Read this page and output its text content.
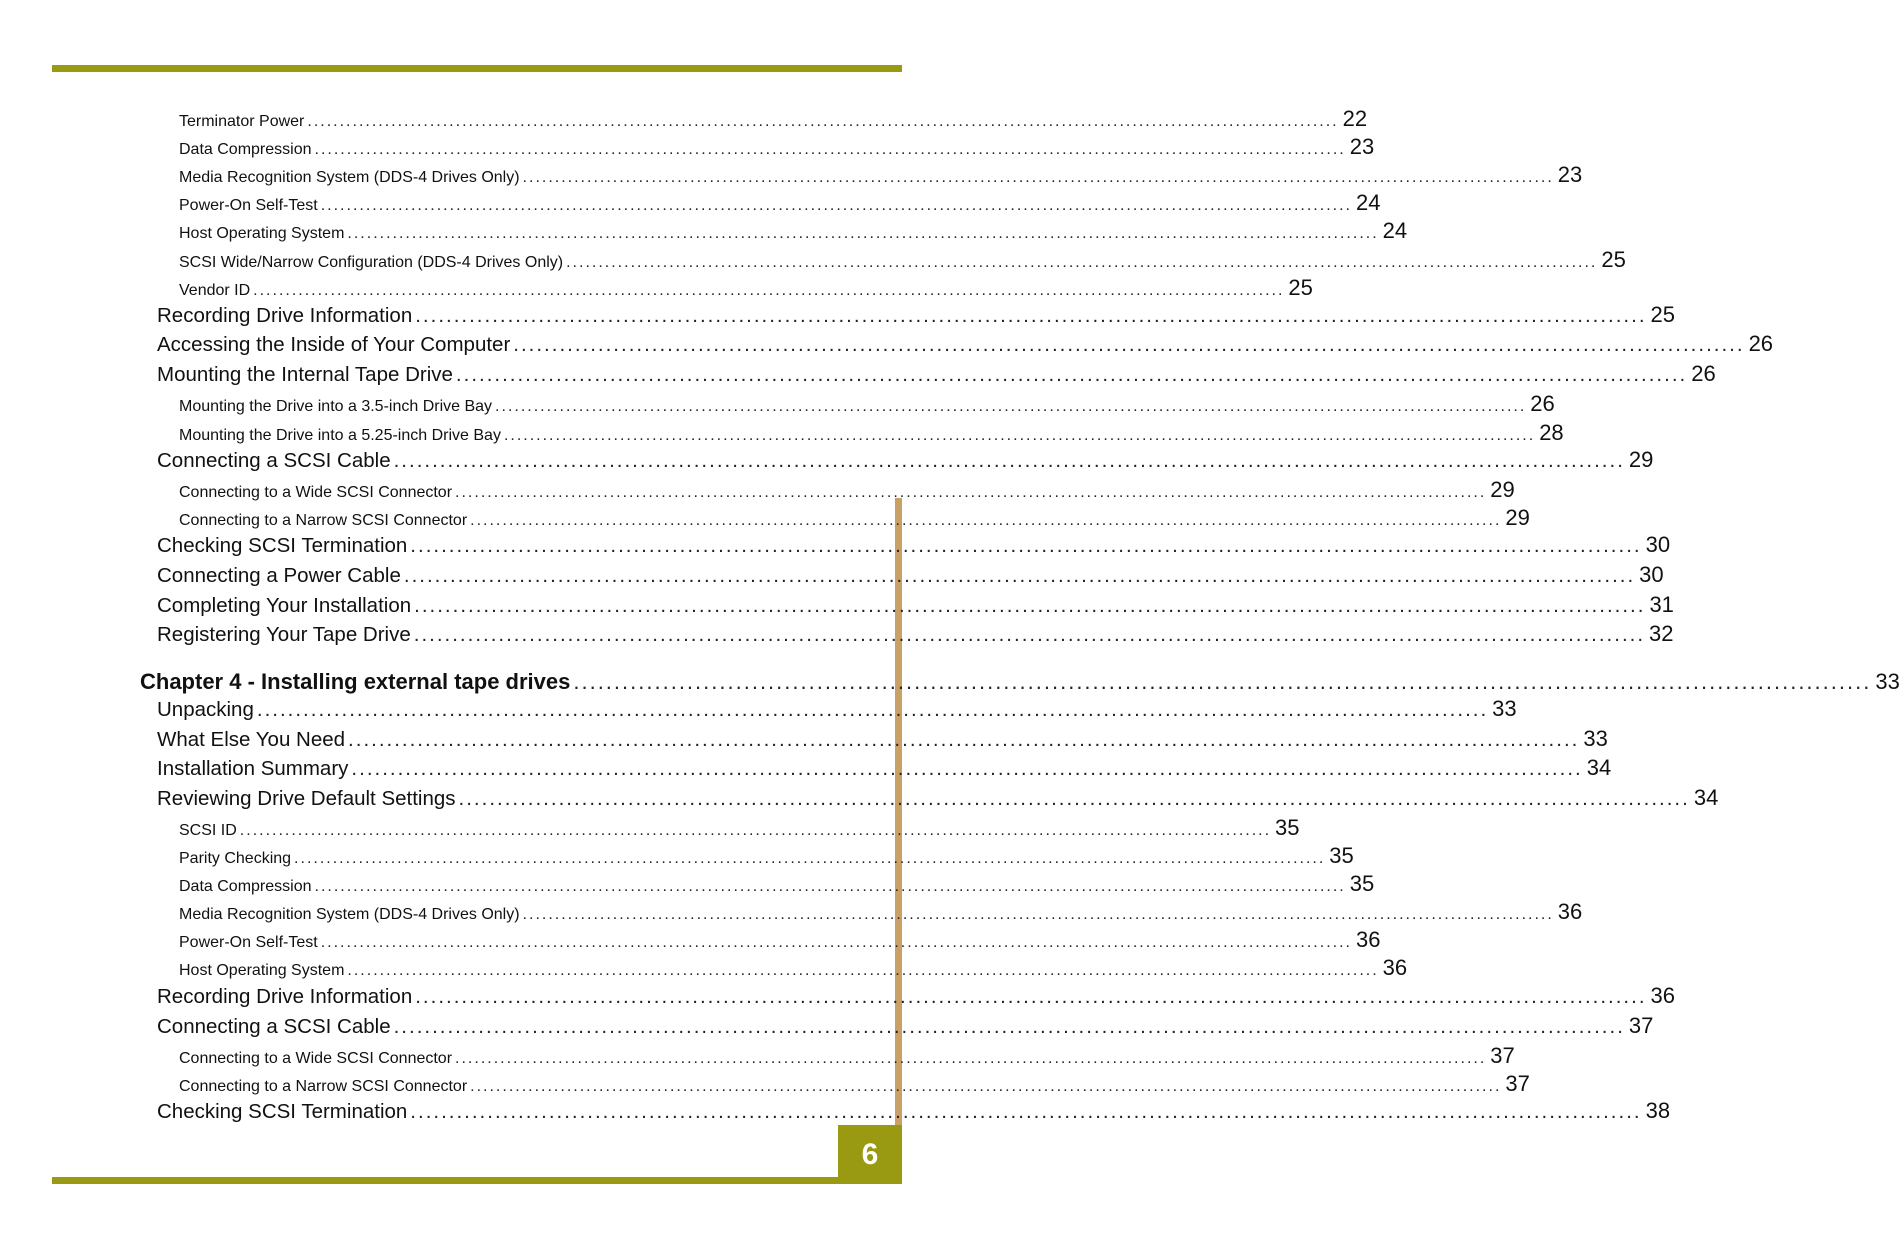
6
Terminator Power ................................................................................................................................................................ 22
Data Compression ................................................................................................................................................................ 23
Media Recognition System (DDS-4 Drives Only) ................................................................................................................................................................ 23
Power-On Self-Test ................................................................................................................................................................ 24
Host Operating System ................................................................................................................................................................ 24
SCSI Wide/Narrow Configuration (DDS-4 Drives Only) ................................................................................................................................................................ 25
Vendor ID ................................................................................................................................................................ 25
Recording Drive Information ................................................................................................................................................................ 25
Accessing the Inside of Your Computer ................................................................................................................................................................ 26
Mounting the Internal Tape Drive ................................................................................................................................................................ 26
Mounting the Drive into a 3.5-inch Drive Bay ................................................................................................................................................................ 26
Mounting the Drive into a 5.25-inch Drive Bay ................................................................................................................................................................ 28
Connecting a SCSI Cable ................................................................................................................................................................ 29
Connecting to a Wide SCSI Connector ................................................................................................................................................................ 29
Connecting to a Narrow SCSI Connector ................................................................................................................................................................ 29
Checking SCSI Termination ................................................................................................................................................................ 30
Connecting a Power Cable ................................................................................................................................................................ 30
Completing Your Installation ................................................................................................................................................................ 31
Registering Your Tape Drive ................................................................................................................................................................ 32
Chapter 4 - Installing external tape drives ................................................................................................................................................................ 33
Unpacking ................................................................................................................................................................ 33
What Else You Need ................................................................................................................................................................ 33
Installation Summary ................................................................................................................................................................ 34
Reviewing Drive Default Settings ................................................................................................................................................................ 34
SCSI ID ................................................................................................................................................................ 35
Parity Checking ................................................................................................................................................................ 35
Data Compression ................................................................................................................................................................ 35
Media Recognition System (DDS-4 Drives Only) ................................................................................................................................................................ 36
Power-On Self-Test ................................................................................................................................................................ 36
Host Operating System ................................................................................................................................................................ 36
Recording Drive Information ................................................................................................................................................................ 36
Connecting a SCSI Cable ................................................................................................................................................................ 37
Connecting to a Wide SCSI Connector ................................................................................................................................................................ 37
Connecting to a Narrow SCSI Connector ................................................................................................................................................................ 37
Checking SCSI Termination ................................................................................................................................................................ 38
